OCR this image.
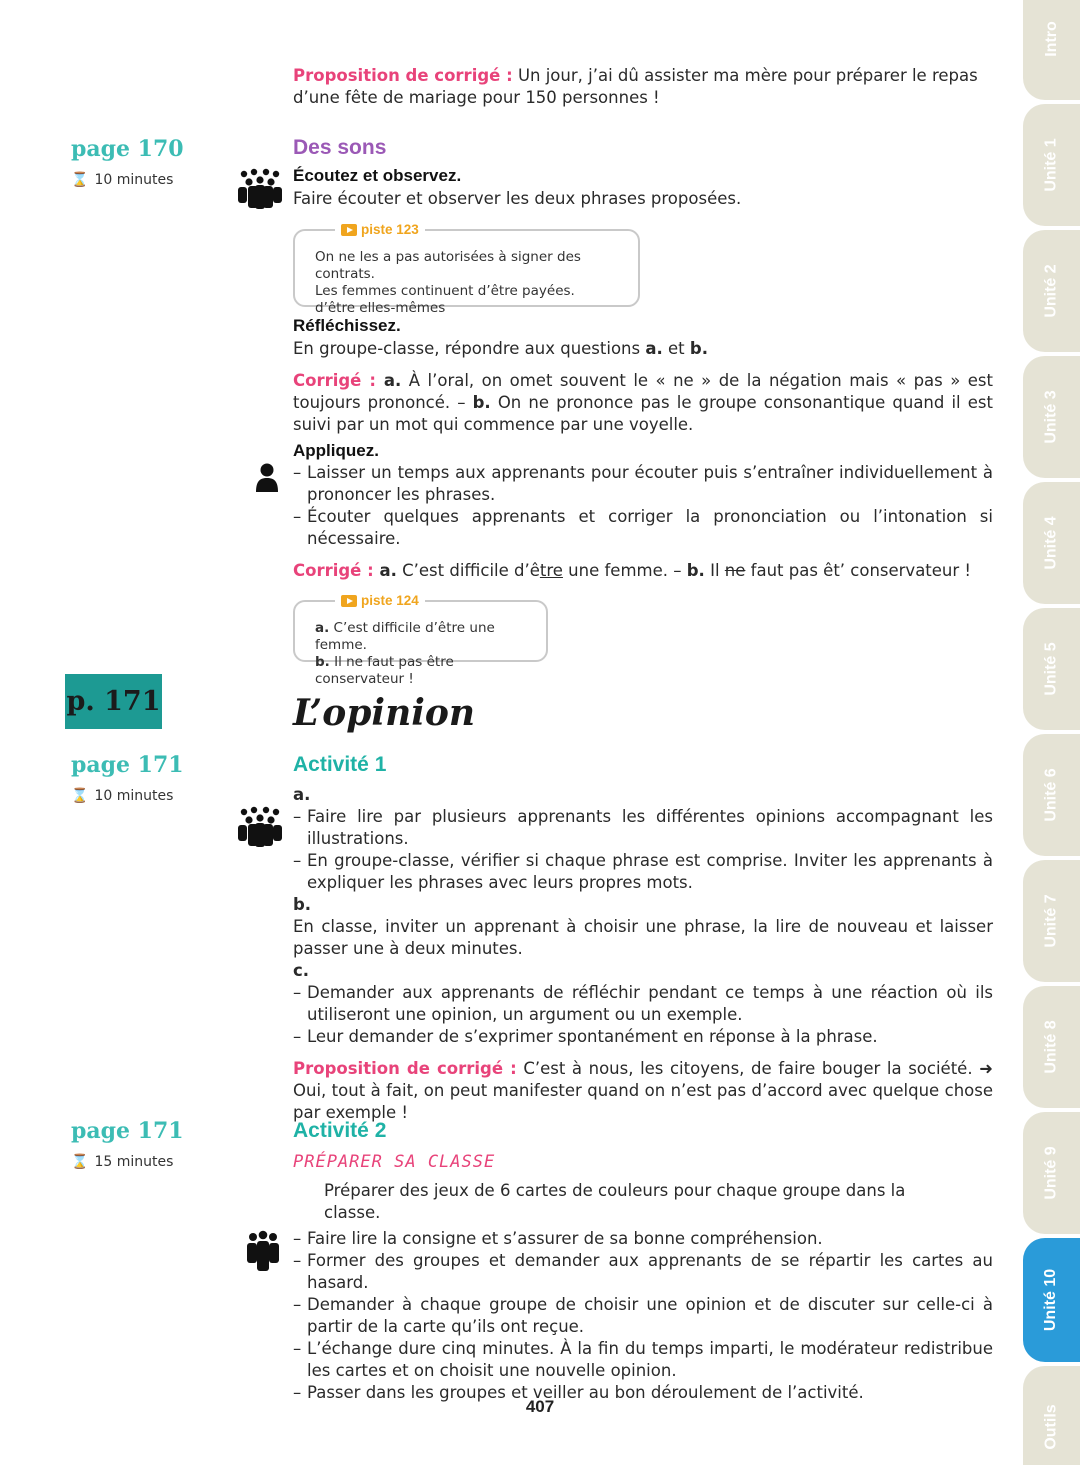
Proposition de corrigé : Un jour, j’ai dû assister ma mère pour préparer le repas d’une fête de mariage pour 150 personnes !
page 170
⌛ 10 minutes
Des sons
Écoutez et observez.
Faire écouter et observer les deux phrases proposées.
piste 123
On ne les a pas autorisées à signer des contrats.
Les femmes continuent d’être payées.
d’être elles-mêmes
Réfléchissez.
En groupe-classe, répondre aux questions a. et b.
Corrigé : a. À l’oral, on omet souvent le « ne » de la négation mais « pas » est toujours prononcé. – b. On ne prononce pas le groupe consonantique quand il est suivi par un mot qui commence par une voyelle.
Appliquez.
– Laisser un temps aux apprenants pour écouter puis s’entraîner individuellement à prononcer les phrases.
– Écouter quelques apprenants et corriger la prononciation ou l’intonation si nécessaire.
Corrigé : a. C’est difficile d’être une femme. – b. Il ne faut pas êt’ conservateur !
piste 124
a. C’est difficile d’être une femme.
b. Il ne faut pas être conservateur !
p. 171	L’opinion
page 171
⌛ 10 minutes
Activité 1
a.
– Faire lire par plusieurs apprenants les différentes opinions accompagnant les illustrations.
– En groupe-classe, vérifier si chaque phrase est comprise. Inviter les apprenants à expliquer les phrases avec leurs propres mots.
b.
En classe, inviter un apprenant à choisir une phrase, la lire de nouveau et laisser passer une à deux minutes.
c.
– Demander aux apprenants de réfléchir pendant ce temps à une réaction où ils utiliseront une opinion, un argument ou un exemple.
– Leur demander de s’exprimer spontanément en réponse à la phrase.
Proposition de corrigé : C’est à nous, les citoyens, de faire bouger la société. ➜ Oui, tout à fait, on peut manifester quand on n’est pas d’accord avec quelque chose par exemple !
page 171
⌛ 15 minutes
Activité 2
PRÉPARER SA CLASSE
Préparer des jeux de 6 cartes de couleurs pour chaque groupe dans la classe.
– Faire lire la consigne et s’assurer de sa bonne compréhension.
– Former des groupes et demander aux apprenants de se répartir les cartes au hasard.
– Demander à chaque groupe de choisir une opinion et de discuter sur celle-ci à partir de la carte qu’ils ont reçue.
– L’échange dure cinq minutes. À la fin du temps imparti, le modérateur redistribue les cartes et on choisit une nouvelle opinion.
– Passer dans les groupes et veiller au bon déroulement de l’activité.
407
Intro
Unité 1
Unité 2
Unité 3
Unité 4
Unité 5
Unité 6
Unité 7
Unité 8
Unité 9
Unité 10
Outils
